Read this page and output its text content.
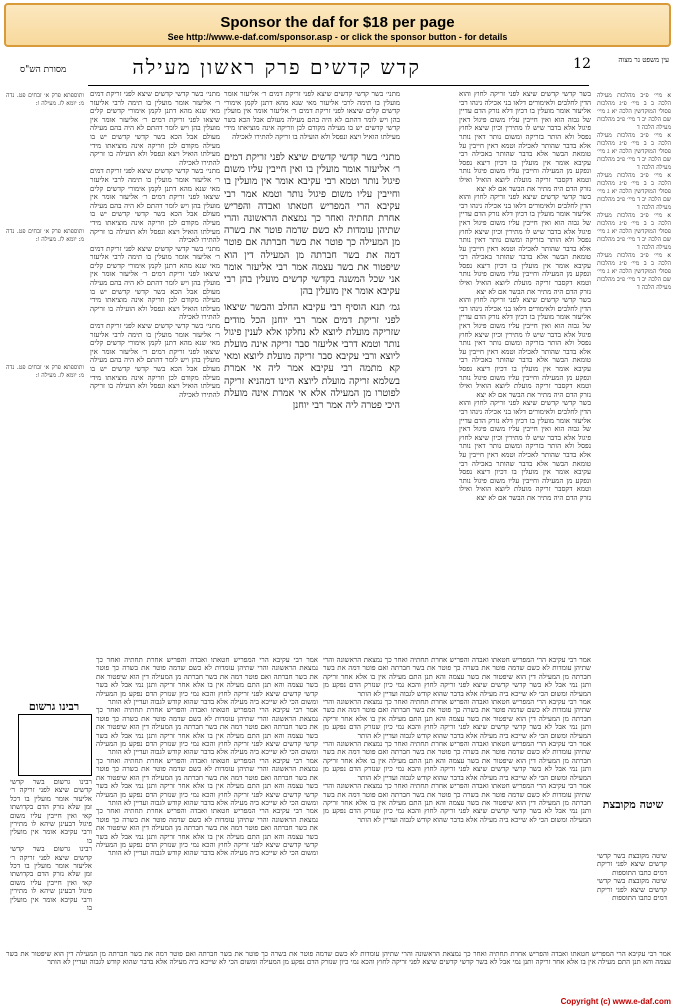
Sponsor the daf for $18 per page
See http://www.e-daf.com/sponsor.asp - or click the sponsor button - for details
עין משפט נר מצוה
12
קדש קדשים פרק ראשון מעילה
מסורת הש"ס

א מיי׳ פ״ב מהלכות מעילה הלכה ב ב מיי׳ פ״ג מהלכות פסולי המוקדשין הלכה יא ג מיי׳ שם הלכה יב ד מיי׳ פ״ב מהלכות מעילה הלכה ד

א מיי׳ פ״ב מהלכות מעילה הלכה ב ב מיי׳ פ״ג מהלכות פסולי המוקדשין הלכה יא ג מיי׳ שם הלכה יב ד מיי׳ פ״ב מהלכות מעילה הלכה ד

א מיי׳ פ״ב מהלכות מעילה הלכה ב ב מיי׳ פ״ג מהלכות פסולי המוקדשין הלכה יא ג מיי׳ שם הלכה יב ד מיי׳ פ״ב מהלכות מעילה הלכה ד

א מיי׳ פ״ב מהלכות מעילה הלכה ב ב מיי׳ פ״ג מהלכות פסולי המוקדשין הלכה יא ג מיי׳ שם הלכה יב ד מיי׳ פ״ב מהלכות מעילה הלכה ד

א מיי׳ פ״ב מהלכות מעילה הלכה ב ב מיי׳ פ״ג מהלכות פסולי המוקדשין הלכה יא ג מיי׳ שם הלכה יב ד מיי׳ פ״ב מהלכות מעילה הלכה ד

בשר קדשי קדשים שיצא לפני זריקה לחוץ והוא הדין לחלבים ולאימורים דלאו בני אכילה נינהו רבי אליעזר אומר מועלין בו דכיון דלא נזרק הדם עדיין של גבוה הוא ואין חייבין עליו משום פיגול דאין פיגול אלא בדבר שיש לו מתירין וכיון שיצא לחוץ נפסל ולא הותר בזריקה ומשום נותר דאין נותר אלא בדבר שהותר לאכילה וטמא דאין חייבין על טומאת הבשר אלא בדבר שהותר באכילה רבי עקיבא אומר אין מועלין בו דכיון דיצא נפסל ונפקע מן המעילה וחייבין עליו משום פיגול נותר וטמא דקסבר זריקה מועלת ליוצא הואיל ואילו נזרק הדם היה מתיר את הבשר אם לא יצא

בשר קדשי קדשים שיצא לפני זריקה לחוץ והוא הדין לחלבים ולאימורים דלאו בני אכילה נינהו רבי אליעזר אומר מועלין בו דכיון דלא נזרק הדם עדיין של גבוה הוא ואין חייבין עליו משום פיגול דאין פיגול אלא בדבר שיש לו מתירין וכיון שיצא לחוץ נפסל ולא הותר בזריקה ומשום נותר דאין נותר אלא בדבר שהותר לאכילה וטמא דאין חייבין על טומאת הבשר אלא בדבר שהותר באכילה רבי עקיבא אומר אין מועלין בו דכיון דיצא נפסל ונפקע מן המעילה וחייבין עליו משום פיגול נותר וטמא דקסבר זריקה מועלת ליוצא הואיל ואילו נזרק הדם היה מתיר את הבשר אם לא יצא

בשר קדשי קדשים שיצא לפני זריקה לחוץ והוא הדין לחלבים ולאימורים דלאו בני אכילה נינהו רבי אליעזר אומר מועלין בו דכיון דלא נזרק הדם עדיין של גבוה הוא ואין חייבין עליו משום פיגול דאין פיגול אלא בדבר שיש לו מתירין וכיון שיצא לחוץ נפסל ולא הותר בזריקה ומשום נותר דאין נותר אלא בדבר שהותר לאכילה וטמא דאין חייבין על טומאת הבשר אלא בדבר שהותר באכילה רבי עקיבא אומר אין מועלין בו דכיון דיצא נפסל ונפקע מן המעילה וחייבין עליו משום פיגול נותר וטמא דקסבר זריקה מועלת ליוצא הואיל ואילו נזרק הדם היה מתיר את הבשר אם לא יצא

בשר קדשי קדשים שיצא לפני זריקה לחוץ והוא הדין לחלבים ולאימורים דלאו בני אכילה נינהו רבי אליעזר אומר מועלין בו דכיון דלא נזרק הדם עדיין של גבוה הוא ואין חייבין עליו משום פיגול דאין פיגול אלא בדבר שיש לו מתירין וכיון שיצא לחוץ נפסל ולא הותר בזריקה ומשום נותר דאין נותר אלא בדבר שהותר לאכילה וטמא דאין חייבין על טומאת הבשר אלא בדבר שהותר באכילה רבי עקיבא אומר אין מועלין בו דכיון דיצא נפסל ונפקע מן המעילה וחייבין עליו משום פיגול נותר וטמא דקסבר זריקה מועלת ליוצא הואיל ואילו נזרק הדם היה מתיר את הבשר אם לא יצא

מתני׳ בשר קדשי קדשים שיצא לפני זריקת דמים ר׳ אליעזר אומר מועלין בו תימה לרבי אליעזר מאי שנא מהא דתנן לקמן אימורי קדשים קלים שיצאו לפני זריקת דמים ר׳ אליעזר אומר אין מועלין בהן ויש לומר דהתם לא היה בהם מעילה מעולם אבל הכא בשר קדשי קדשים יש בו מעילה מקודם לכן וזריקה אינה מוציאתו מידי מעילתו הואיל ויצא ונפסל ולא הועילה בו זריקה להתירו לאכילה

מתני׳ בשר קדשי קדשים שיצא לפני זריקת דמים ר׳ אליעזר אומר מועלין בו ואין חייבין עליו משום פיגול נותר וטמא רבי עקיבא אומר אין מועלין בו וחייבין עליו משום פיגול נותר וטמא אמר רבי עקיבא הרי המפריש חטאתו ואבדה והפריש אחרת תחתיה ואחר כך נמצאת הראשונה והרי שתיהן עומדות לא כשם שדמה פוטר את בשרה מן המעילה כך פוטר את בשר חברתה אם פוטר דמה את בשר חברתה מן המעילה דין הוא שיפטור את בשר עצמה אמר רבי אליעזר אומר אני שכל המשנה בקדשי קדשים מועלין בהן רבי עקיבא אומר אין מועלין בהן

גמ׳ תנא הוסיף רבי עקיבא החלב והבשר שיצאו לפני זריקת דמים אמר רבי יוחנן הכל מודים שזריקה מועלת ליוצא לא נחלקו אלא לענין פיגול נותר וטמא דרבי אליעזר סבר זריקה אינה מועלת ליוצא ורבי עקיבא סבר זריקה מועלת ליוצא ומאי קא מתמה רבי עקיבא אמר ליה אי אמרת בשלמא זריקה מועלת ליוצא היינו דמהניא זריקה לפוטרו מן המעילה אלא אי אמרת אינה מועלת היכי פטרה ליה אמר רבי יוחנן

מתני׳ בשר קדשי קדשים שיצא לפני זריקת דמים ר׳ אליעזר אומר מועלין בו תימה לרבי אליעזר מאי שנא מהא דתנן לקמן אימורי קדשים קלים שיצאו לפני זריקת דמים ר׳ אליעזר אומר אין מועלין בהן ויש לומר דהתם לא היה בהם מעילה מעולם אבל הכא בשר קדשי קדשים יש בו מעילה מקודם לכן וזריקה אינה מוציאתו מידי מעילתו הואיל ויצא ונפסל ולא הועילה בו זריקה להתירו לאכילה

מתני׳ בשר קדשי קדשים שיצא לפני זריקת דמים ר׳ אליעזר אומר מועלין בו תימה לרבי אליעזר מאי שנא מהא דתנן לקמן אימורי קדשים קלים שיצאו לפני זריקת דמים ר׳ אליעזר אומר אין מועלין בהן ויש לומר דהתם לא היה בהם מעילה מעולם אבל הכא בשר קדשי קדשים יש בו מעילה מקודם לכן וזריקה אינה מוציאתו מידי מעילתו הואיל ויצא ונפסל ולא הועילה בו זריקה להתירו לאכילה

מתני׳ בשר קדשי קדשים שיצא לפני זריקת דמים ר׳ אליעזר אומר מועלין בו תימה לרבי אליעזר מאי שנא מהא דתנן לקמן אימורי קדשים קלים שיצאו לפני זריקת דמים ר׳ אליעזר אומר אין מועלין בהן ויש לומר דהתם לא היה בהם מעילה מעולם אבל הכא בשר קדשי קדשים יש בו מעילה מקודם לכן וזריקה אינה מוציאתו מידי מעילתו הואיל ויצא ונפסל ולא הועילה בו זריקה להתירו לאכילה

מתני׳ בשר קדשי קדשים שיצא לפני זריקת דמים ר׳ אליעזר אומר מועלין בו תימה לרבי אליעזר מאי שנא מהא דתנן לקמן אימורי קדשים קלים שיצאו לפני זריקת דמים ר׳ אליעזר אומר אין מועלין בהן ויש לומר דהתם לא היה בהם מעילה מעולם אבל הכא בשר קדשי קדשים יש בו מעילה מקודם לכן וזריקה אינה מוציאתו מידי מעילתו הואיל ויצא ונפסל ולא הועילה בו זריקה להתירו לאכילה

ותוספתא פרק א׳ זבחים פט. נדה מ: יומא לז. מעילה ו:

ותוספתא פרק א׳ זבחים פט. נדה מ: יומא לז. מעילה ו:

ותוספתא פרק א׳ זבחים פט. נדה מ: יומא לז. מעילה ו:

אמר רבי עקיבא הרי המפריש חטאתו ואבדה והפריש אחרת תחתיה ואחר כך נמצאת הראשונה והרי שתיהן עומדות לא כשם שדמה פוטר את בשרה כך פוטר את בשר חברתה ואם פוטר דמה את בשר חברתה מן המעילה דין הוא שיפטור את בשר עצמה והא תנן התם מעילה אין בו אלא אחר זריקה ותנן נמי אבל לא בשר קדשי קדשים שיצא לפני זריקה לחוץ והכא נמי כיון שנזרק הדם נפקע מן המעילה ומשום הכי לא שייכא ביה מעילה אלא בדבר שהוא קודש לגבוה ועדיין לא הותר

אמר רבי עקיבא הרי המפריש חטאתו ואבדה והפריש אחרת תחתיה ואחר כך נמצאת הראשונה והרי שתיהן עומדות לא כשם שדמה פוטר את בשרה כך פוטר את בשר חברתה ואם פוטר דמה את בשר חברתה מן המעילה דין הוא שיפטור את בשר עצמה והא תנן התם מעילה אין בו אלא אחר זריקה ותנן נמי אבל לא בשר קדשי קדשים שיצא לפני זריקה לחוץ והכא נמי כיון שנזרק הדם נפקע מן המעילה ומשום הכי לא שייכא ביה מעילה אלא בדבר שהוא קודש לגבוה ועדיין לא הותר

אמר רבי עקיבא הרי המפריש חטאתו ואבדה והפריש אחרת תחתיה ואחר כך נמצאת הראשונה והרי שתיהן עומדות לא כשם שדמה פוטר את בשרה כך פוטר את בשר חברתה ואם פוטר דמה את בשר חברתה מן המעילה דין הוא שיפטור את בשר עצמה והא תנן התם מעילה אין בו אלא אחר זריקה ותנן נמי אבל לא בשר קדשי קדשים שיצא לפני זריקה לחוץ והכא נמי כיון שנזרק הדם נפקע מן המעילה ומשום הכי לא שייכא ביה מעילה אלא בדבר שהוא קודש לגבוה ועדיין לא הותר

אמר רבי עקיבא הרי המפריש חטאתו ואבדה והפריש אחרת תחתיה ואחר כך נמצאת הראשונה והרי שתיהן עומדות לא כשם שדמה פוטר את בשרה כך פוטר את בשר חברתה ואם פוטר דמה את בשר חברתה מן המעילה דין הוא שיפטור את בשר עצמה והא תנן התם מעילה אין בו אלא אחר זריקה ותנן נמי אבל לא בשר קדשי קדשים שיצא לפני זריקה לחוץ והכא נמי כיון שנזרק הדם נפקע מן המעילה ומשום הכי לא שייכא ביה מעילה אלא בדבר שהוא קודש לגבוה ועדיין לא הותר

אמר רבי עקיבא הרי המפריש חטאתו ואבדה והפריש אחרת תחתיה ואחר כך נמצאת הראשונה והרי שתיהן עומדות לא כשם שדמה פוטר את בשרה כך פוטר את בשר חברתה ואם פוטר דמה את בשר חברתה מן המעילה דין הוא שיפטור את בשר עצמה והא תנן התם מעילה אין בו אלא אחר זריקה ותנן נמי אבל לא בשר קדשי קדשים שיצא לפני זריקה לחוץ והכא נמי כיון שנזרק הדם נפקע מן המעילה ומשום הכי לא שייכא ביה מעילה אלא בדבר שהוא קודש לגבוה ועדיין לא הותר

אמר רבי עקיבא הרי המפריש חטאתו ואבדה והפריש אחרת תחתיה ואחר כך נמצאת הראשונה והרי שתיהן עומדות לא כשם שדמה פוטר את בשרה כך פוטר את בשר חברתה ואם פוטר דמה את בשר חברתה מן המעילה דין הוא שיפטור את בשר עצמה והא תנן התם מעילה אין בו אלא אחר זריקה ותנן נמי אבל לא בשר קדשי קדשים שיצא לפני זריקה לחוץ והכא נמי כיון שנזרק הדם נפקע מן המעילה ומשום הכי לא שייכא ביה מעילה אלא בדבר שהוא קודש לגבוה ועדיין לא הותר

אמר רבי עקיבא הרי המפריש חטאתו ואבדה והפריש אחרת תחתיה ואחר כך נמצאת הראשונה והרי שתיהן עומדות לא כשם שדמה פוטר את בשרה כך פוטר את בשר חברתה ואם פוטר דמה את בשר חברתה מן המעילה דין הוא שיפטור את בשר עצמה והא תנן התם מעילה אין בו אלא אחר זריקה ותנן נמי אבל לא בשר קדשי קדשים שיצא לפני זריקה לחוץ והכא נמי כיון שנזרק הדם נפקע מן המעילה ומשום הכי לא שייכא ביה מעילה אלא בדבר שהוא קודש לגבוה ועדיין לא הותר

אמר רבי עקיבא הרי המפריש חטאתו ואבדה והפריש אחרת תחתיה ואחר כך נמצאת הראשונה והרי שתיהן עומדות לא כשם שדמה פוטר את בשרה כך פוטר את בשר חברתה ואם פוטר דמה את בשר חברתה מן המעילה דין הוא שיפטור את בשר עצמה והא תנן התם מעילה אין בו אלא אחר זריקה ותנן נמי אבל לא בשר קדשי קדשים שיצא לפני זריקה לחוץ והכא נמי כיון שנזרק הדם נפקע מן המעילה ומשום הכי לא שייכא ביה מעילה אלא בדבר שהוא קודש לגבוה ועדיין לא הותר

רבינו גרשום

רבינו גרשום בשר קדשי קדשים שיצא לפני זריקה ר׳ אליעזר אומר מועלין בו דכל זמן שלא נזרק הדם בקדושתו קאי ואין חייבין עליו משום פיגול דבעינן שיהא לו מתירין ורבי עקיבא אומר אין מועלין בו

רבינו גרשום בשר קדשי קדשים שיצא לפני זריקה ר׳ אליעזר אומר מועלין בו דכל זמן שלא נזרק הדם בקדושתו קאי ואין חייבין עליו משום פיגול דבעינן שיהא לו מתירין ורבי עקיבא אומר אין מועלין בו

שיטה מקובצת

שיטה מקובצת בשר קדשי קדשים שיצא לפני זריקת דמים כתבו התוספות

שיטה מקובצת בשר קדשי קדשים שיצא לפני זריקת דמים כתבו התוספות

אמר רבי עקיבא הרי המפריש חטאתו ואבדה והפריש אחרת תחתיה ואחר כך נמצאת הראשונה והרי שתיהן עומדות לא כשם שדמה פוטר את בשרה כך פוטר את בשר חברתה ואם פוטר דמה את בשר חברתה מן המעילה דין הוא שיפטור את בשר עצמה והא תנן התם מעילה אין בו אלא אחר זריקה ותנן נמי אבל לא בשר קדשי קדשים שיצא לפני זריקה לחוץ והכא נמי כיון שנזרק הדם נפקע מן המעילה ומשום הכי לא שייכא ביה מעילה אלא בדבר שהוא קודש לגבוה ועדיין לא הותר

Copyright (c) www.e-daf.com
